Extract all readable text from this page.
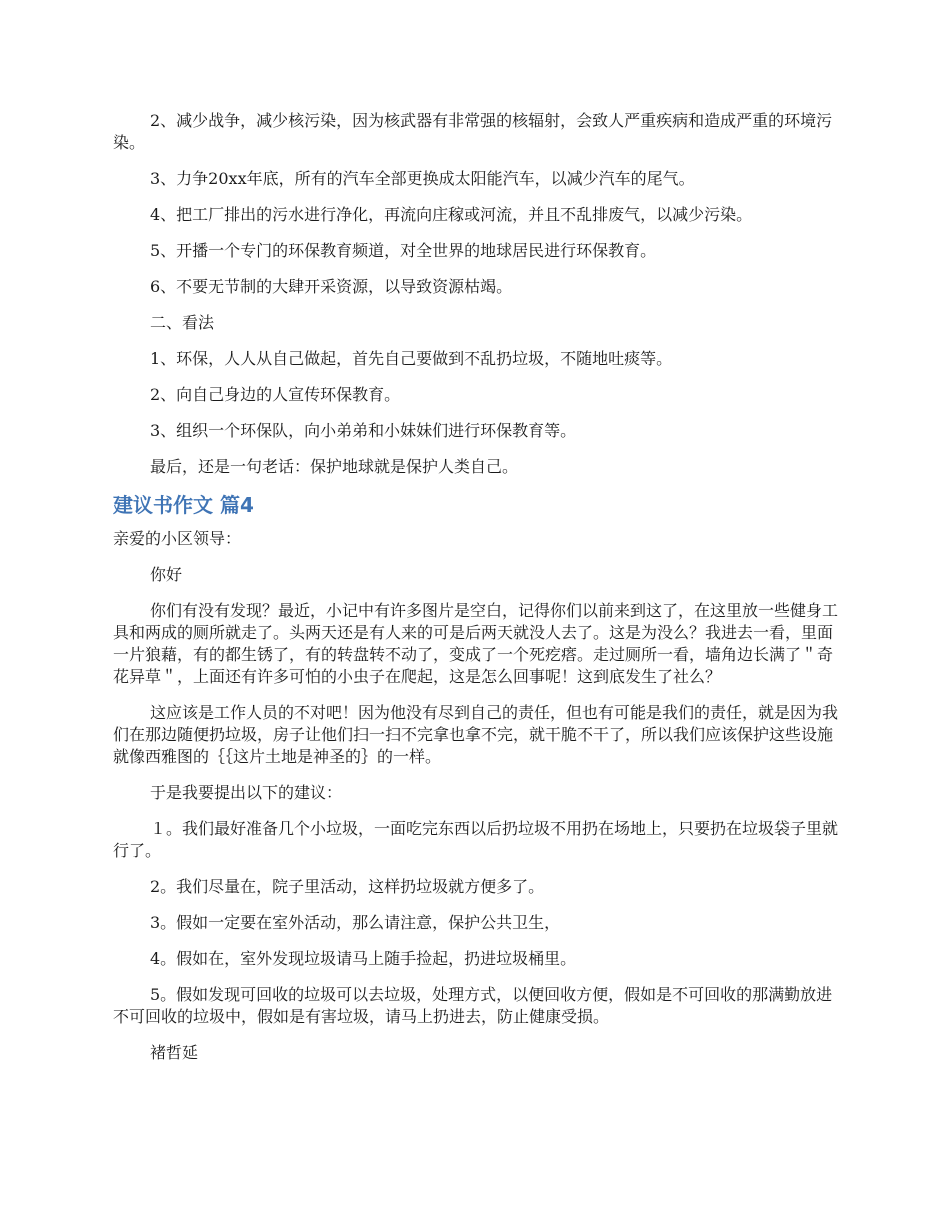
2、减少战争，减少核污染，因为核武器有非常强的核辐射，会致人严重疾病和造成严重的环境污染。

3、力争20xx年底，所有的汽车全部更换成太阳能汽车，以减少汽车的尾气。

4、把工厂排出的污水进行净化，再流向庄稼或河流，并且不乱排废气，以减少污染。

5、开播一个专门的环保教育频道，对全世界的地球居民进行环保教育。

6、不要无节制的大肆开采资源，以导致资源枯竭。

二、看法

1、环保，人人从自己做起，首先自己要做到不乱扔垃圾，不随地吐痰等。

2、向自己身边的人宣传环保教育。

3、组织一个环保队，向小弟弟和小妹妹们进行环保教育等。

最后，还是一句老话：保护地球就是保护人类自己。

建议书作文 篇4

亲爱的小区领导：

你好

你们有没有发现？最近，小记中有许多图片是空白，记得你们以前来到这了，在这里放一些健身工具和两成的厕所就走了。头两天还是有人来的可是后两天就没人去了。这是为没么？我进去一看，里面一片狼藉，有的都生锈了，有的转盘转不动了，变成了一个死疙瘩。走过厕所一看，墙角边长满了＂奇花异草＂，上面还有许多可怕的小虫子在爬起，这是怎么回事呢！这到底发生了社么？

这应该是工作人员的不对吧！因为他没有尽到自己的责任，但也有可能是我们的责任，就是因为我们在那边随便扔垃圾，房子让他们扫一扫不完拿也拿不完，就干脆不干了，所以我们应该保护这些设施就像西雅图的｛｛这片土地是神圣的｝的一样。

于是我要提出以下的建议：

１。我们最好准备几个小垃圾，一面吃完东西以后扔垃圾不用扔在场地上，只要扔在垃圾袋子里就行了。

2。我们尽量在，院子里活动，这样扔垃圾就方便多了。

3。假如一定要在室外活动，那么请注意，保护公共卫生，

4。假如在，室外发现垃圾请马上随手捡起，扔进垃圾桶里。

5。假如发现可回收的垃圾可以去垃圾，处理方式，以便回收方便，假如是不可回收的那满勤放进不可回收的垃圾中，假如是有害垃圾，请马上扔进去，防止健康受损。

褚哲延
